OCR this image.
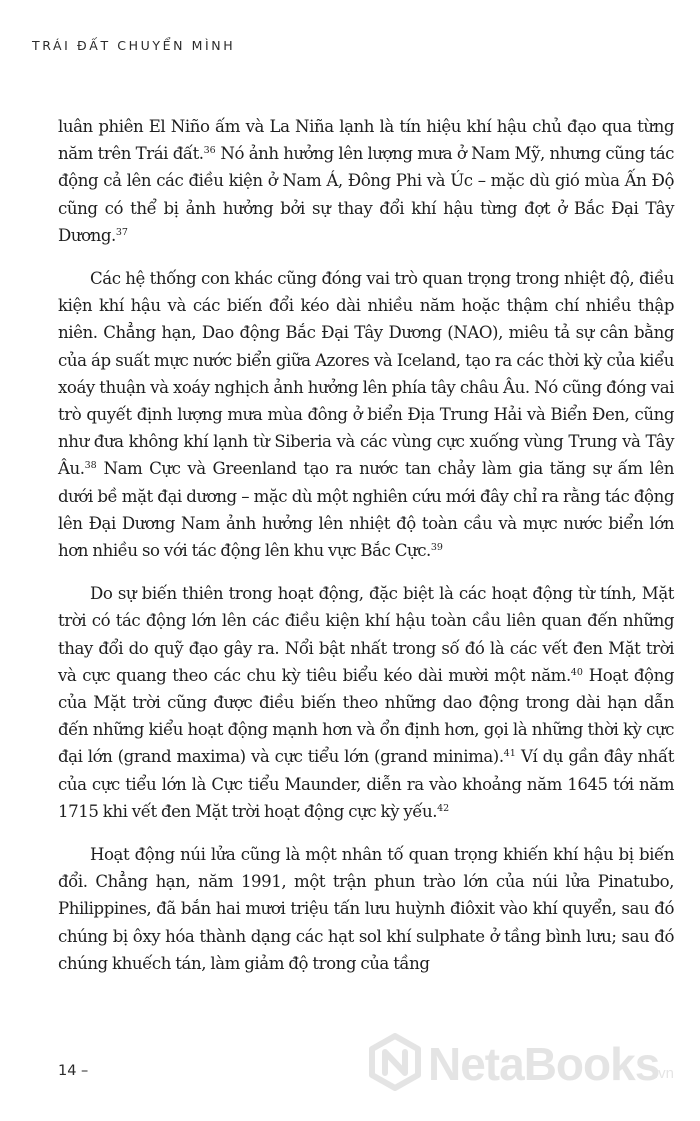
TRÁI ĐẤT CHUYỂN MÌNH

luân phiên El Niño ấm và La Niña lạnh là tín hiệu khí hậu chủ đạo qua từng năm trên Trái đất.$^{36}$ Nó ảnh hưởng lên lượng mưa ở Nam Mỹ, nhưng cũng tác động cả lên các điều kiện ở Nam Á, Đông Phi và Úc – mặc dù gió mùa Ấn Độ cũng có thể bị ảnh hưởng bởi sự thay đổi khí hậu từng đợt ở Bắc Đại Tây Dương.$^{37}$

Các hệ thống con khác cũng đóng vai trò quan trọng trong nhiệt độ, điều kiện khí hậu và các biến đổi kéo dài nhiều năm hoặc thậm chí nhiều thập niên. Chẳng hạn, Dao động Bắc Đại Tây Dương (NAO), miêu tả sự cân bằng của áp suất mực nước biển giữa Azores và Iceland, tạo ra các thời kỳ của kiểu xoáy thuận và xoáy nghịch ảnh hưởng lên phía tây châu Âu. Nó cũng đóng vai trò quyết định lượng mưa mùa đông ở biển Địa Trung Hải và Biển Đen, cũng như đưa không khí lạnh từ Siberia và các vùng cực xuống vùng Trung và Tây Âu.$^{38}$ Nam Cực và Greenland tạo ra nước tan chảy làm gia tăng sự ấm lên dưới bề mặt đại dương – mặc dù một nghiên cứu mới đây chỉ ra rằng tác động lên Đại Dương Nam ảnh hưởng lên nhiệt độ toàn cầu và mực nước biển lớn hơn nhiều so với tác động lên khu vực Bắc Cực.$^{39}$

Do sự biến thiên trong hoạt động, đặc biệt là các hoạt động từ tính, Mặt trời có tác động lớn lên các điều kiện khí hậu toàn cầu liên quan đến những thay đổi do quỹ đạo gây ra. Nổi bật nhất trong số đó là các vết đen Mặt trời và cực quang theo các chu kỳ tiêu biểu kéo dài mười một năm.$^{40}$ Hoạt động của Mặt trời cũng được điều biến theo những dao động trong dài hạn dẫn đến những kiểu hoạt động mạnh hơn và ổn định hơn, gọi là những thời kỳ cực đại lớn (grand maxima) và cực tiểu lớn (grand minima).$^{41}$ Ví dụ gần đây nhất của cực tiểu lớn là Cực tiểu Maunder, diễn ra vào khoảng năm 1645 tới năm 1715 khi vết đen Mặt trời hoạt động cực kỳ yếu.$^{42}$

Hoạt động núi lửa cũng là một nhân tố quan trọng khiến khí hậu bị biến đổi. Chẳng hạn, năm 1991, một trận phun trào lớn của núi lửa Pinatubo, Philippines, đã bắn hai mươi triệu tấn lưu huỳnh điôxit vào khí quyển, sau đó chúng bị ôxy hóa thành dạng các hạt sol khí sulphate ở tầng bình lưu; sau đó chúng khuếch tán, làm giảm độ trong của tầng

14 –	NetaBooks
.vn
